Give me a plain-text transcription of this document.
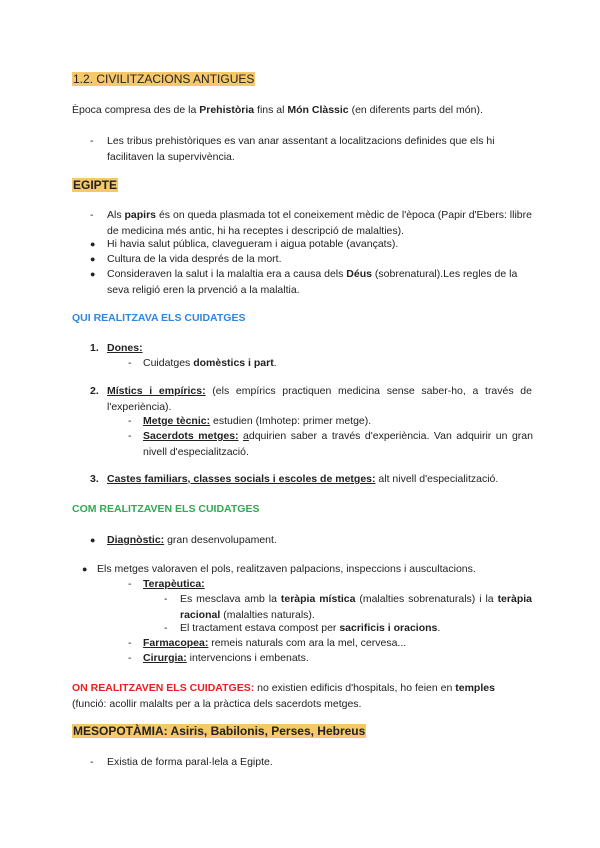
1.2. CIVILITZACIONS ANTIGUES
Època compresa des de la Prehistòria fins al Món Clàssic (en diferents parts del món).
- Les tribus prehistòriques es van anar assentant a localitzacions definides que els hi facilitaven la supervivència.
EGIPTE
- Als papirs és on queda plasmada tot el coneixement mèdic de l'època (Papir d'Ebers: llibre de medicina més antic, hi ha receptes i descripció de malalties).
● Hi havia salut pública, clavegueram i aigua potable (avançats).
● Cultura de la vida després de la mort.
● Consideraven la salut i la malaltia era a causa dels Déus (sobrenatural).Les regles de la seva religió eren la prvenció a la malaltia.
QUI REALITZAVA ELS CUIDATGES
1. Dones:
- Cuidatges domèstics i part.
2. Místics i empírics: (els empírics practiquen medicina sense saber-ho, a través de l'experiència).
- Metge tècnic: estudien (Imhotep: primer metge).
- Sacerdots metges: adquirien saber a través d'experiència. Van adquirir un gran nivell d'especialització.
3. Castes familiars, classes socials i escoles de metges: alt nivell d'especialització.
COM REALITZAVEN ELS CUIDATGES
● Diagnòstic: gran desenvolupament.
● Els metges valoraven el pols, realitzaven palpacions, inspeccions i auscultacions.
- Terapèutica:
- Es mesclava amb la teràpia mística (malalties sobrenaturals) i la teràpia racional (malalties naturals).
- El tractament estava compost per sacrificis i oracions.
- Farmacopea: remeis naturals com ara la mel, cervesa...
- Cirurgia: intervencions i embenats.
ON REALITZAVEN ELS CUIDATGES: no existien edificis d'hospitals, ho feien en temples (funció: acollir malalts per a la pràctica dels sacerdots metges.
MESOPOTÀMIA: Asiris, Babilonis, Perses, Hebreus
- Existia de forma paral·lela a Egipte.
